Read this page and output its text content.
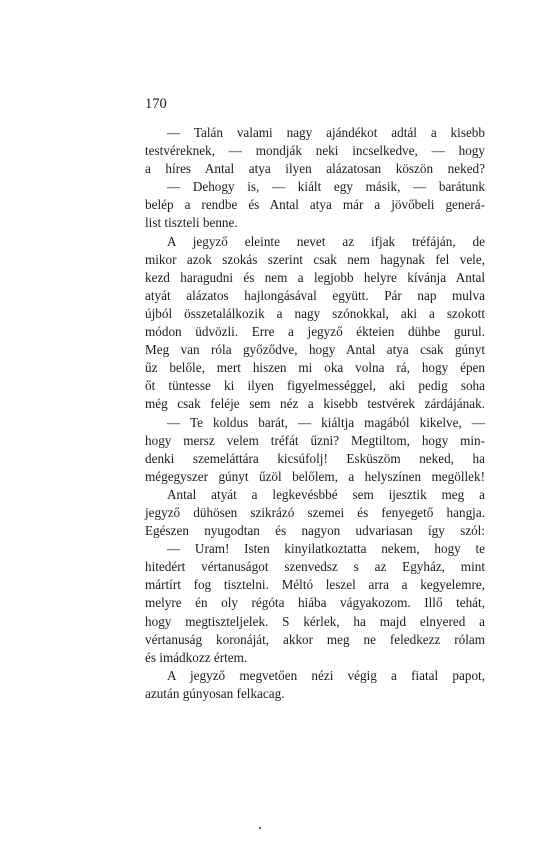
170

— Talán valami nagy ajándékot adtál a kisebb
testvéreknek, — mondják neki incselkedve, — hogy
a híres Antal atya ilyen alázatosan köszön neked?
— Dehogy is, — kiált egy másik, — barátunk
belép a rendbe és Antal atya már a jövőbeli generá-
list tiszteli benne.
A jegyző eleinte nevet az ifjak tréfáján, de
mikor azok szokás szerint csak nem hagynak fel vele,
kezd haragudni és nem a legjobb helyre kívánja Antal
atyát alázatos hajlongásával együtt. Pár nap mulva
újból összetalálkozik a nagy szónokkal, aki a szokott
módon üdvözli. Erre a jegyző ékteien dühbe gurul.
Meg van róla győződve, hogy Antal atya csak gúnyt
űz belőle, mert hiszen mi oka volna rá, hogy épen
őt tüntesse ki ilyen figyelmességgel, aki pedig soha
még csak feléje sem néz a kisebb testvérek zárdájának.
— Te koldus barát, — kiáltja magából kikelve, —
hogy mersz velem tréfát űzni? Megtiltom, hogy min-
denki szemeláttára kicsúfolj! Esküszöm neked, ha
mégegyszer gúnyt űzöl belőlem, a helyszínen megöllek!
Antal atyát a legkevésbbé sem ijesztik meg a
jegyző dühösen szikrázó szemei és fenyegető hangja.
Egészen nyugodtan és nagyon udvariasan így szól:
— Uram! Isten kinyilatkoztatta nekem, hogy te
hitedért vértanuságot szenvedsz s az Egyház, mint
mártírt fog tisztelni. Méltó leszel arra a kegyelemre,
melyre én oly régóta hiába vágyakozom. Illő tehát,
hogy megtiszteljelek. S kérlek, ha majd elnyered a
vértanuság koronáját, akkor meg ne feledkezz rólam
és imádkozz értem.
A jegyző megvetően nézi végig a fiatal papot,
azután gúnyosan felkacag.
